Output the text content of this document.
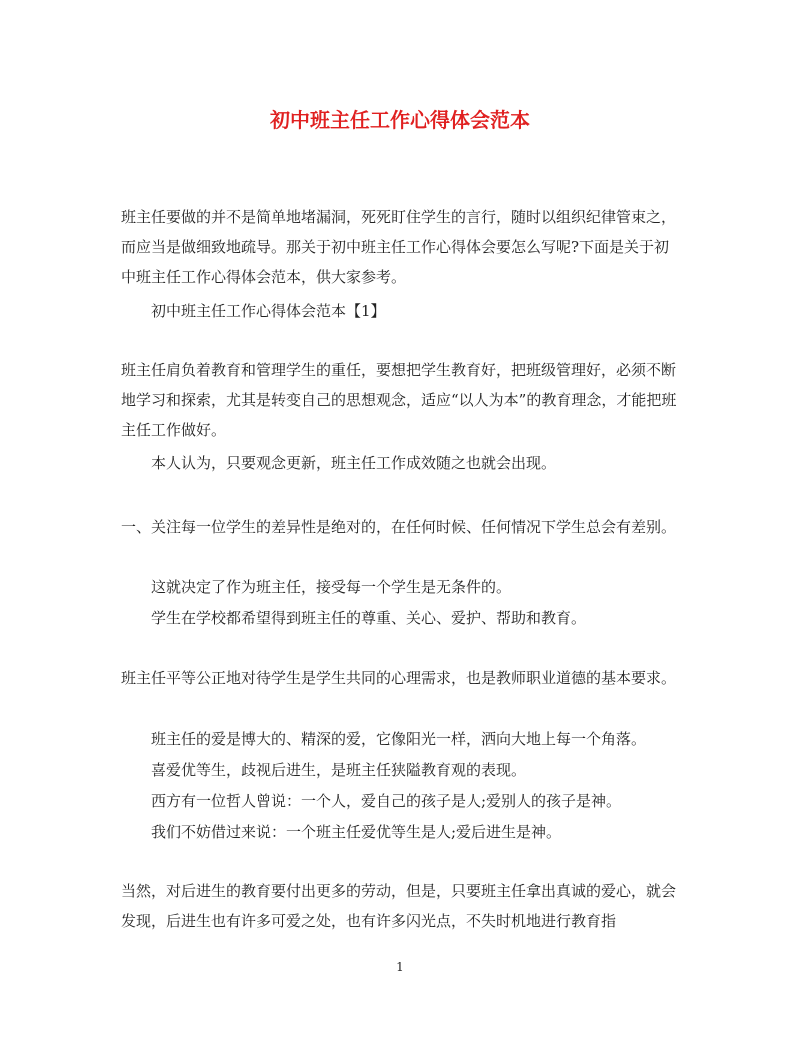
初中班主任工作心得体会范本

班主任要做的并不是简单地堵漏洞，死死盯住学生的言行，随时以组织纪律管束之，而应当是做细致地疏导。那关于初中班主任工作心得体会要怎么写呢?下面是关于初中班主任工作心得体会范本，供大家参考。

初中班主任工作心得体会范本【1】

班主任肩负着教育和管理学生的重任，要想把学生教育好，把班级管理好，必须不断地学习和探索，尤其是转变自己的思想观念，适应“以人为本”的教育理念，才能把班主任工作做好。

本人认为，只要观念更新，班主任工作成效随之也就会出现。

一、关注每一位学生的差异性是绝对的，在任何时候、任何情况下学生总会有差别。

这就决定了作为班主任，接受每一个学生是无条件的。

学生在学校都希望得到班主任的尊重、关心、爱护、帮助和教育。

班主任平等公正地对待学生是学生共同的心理需求，也是教师职业道德的基本要求。

班主任的爱是博大的、精深的爱，它像阳光一样，洒向大地上每一个角落。

喜爱优等生，歧视后进生，是班主任狭隘教育观的表现。

西方有一位哲人曾说：一个人，爱自己的孩子是人;爱别人的孩子是神。

我们不妨借过来说：一个班主任爱优等生是人;爱后进生是神。

当然，对后进生的教育要付出更多的劳动，但是，只要班主任拿出真诚的爱心，就会发现，后进生也有许多可爱之处，也有许多闪光点，不失时机地进行教育指

1
